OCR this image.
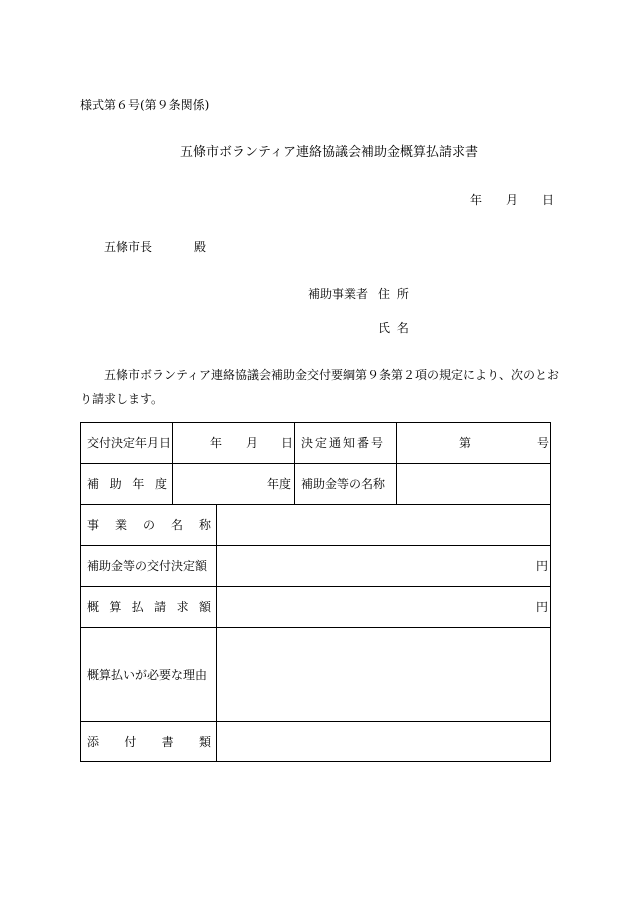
様式第６号(第９条関係)
五條市ボランティア連絡協議会補助金概算払請求書
年 月 日
五條市長	殿
補助事業者 住 所
氏 名
五條市ボランティア連絡協議会補助金交付要綱第９条第２項の規定により、次のとお
り請求します。
交付決定年月日	年 月 日 決定通知番号	第	号
補 助 年 度	年度 補助金等の名称
事 業 の 名 称
補助金等の交付決定額	円
概 算 払 請 求 額	円
概算払いが必要な理由
添 付 書 類
